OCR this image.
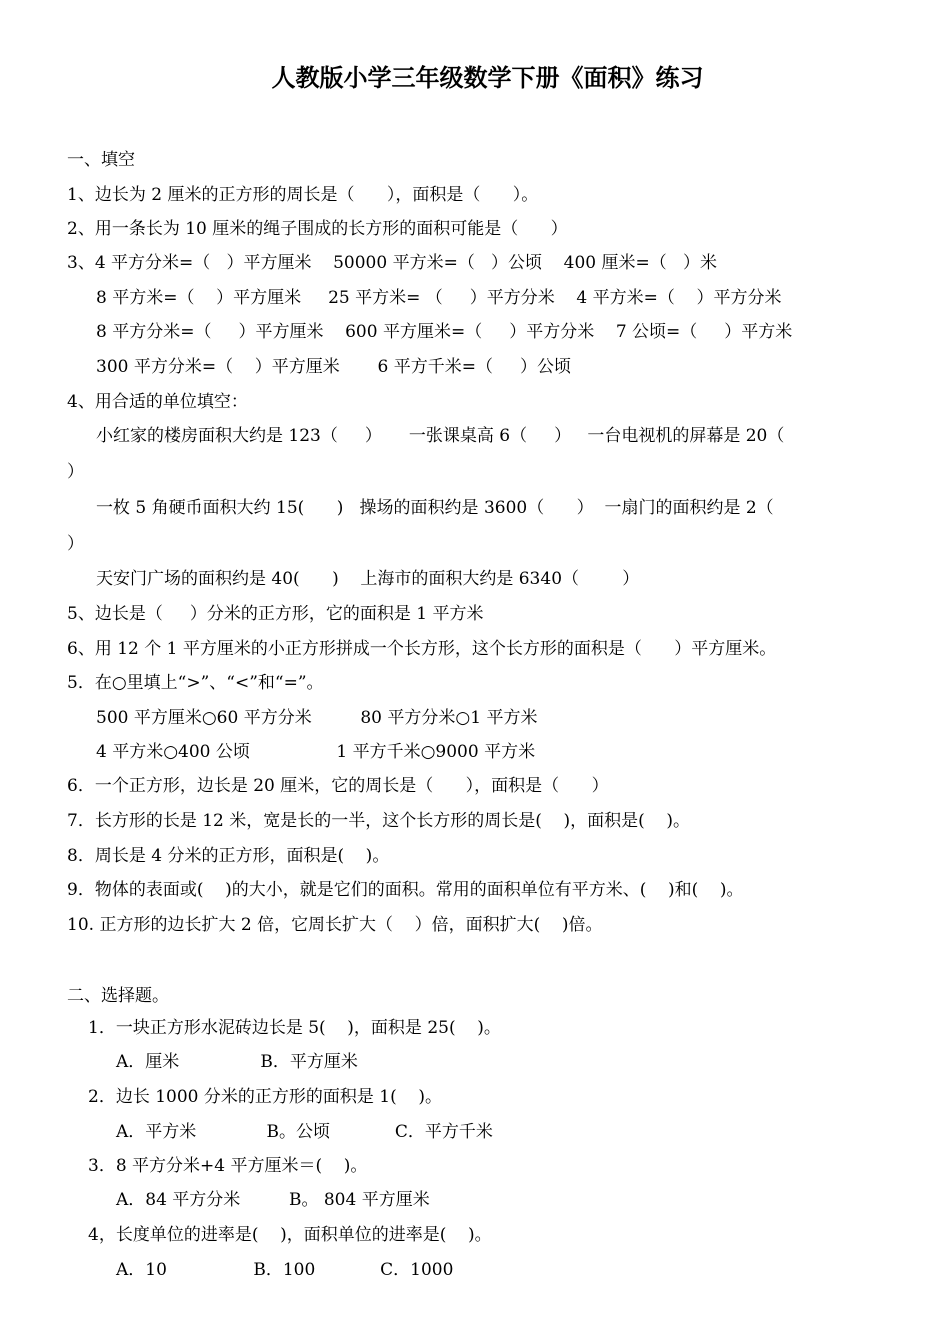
人教版小学三年级数学下册《面积》练习
一、填空
1、边长为 2 厘米的正方形的周长是（      ），面积是（      ）。
2、用一条长为 10 厘米的绳子围成的长方形的面积可能是（      ）
3、4 平方分米=（   ）平方厘米    50000 平方米=（   ）公顷    400 厘米=（   ）米
8 平方米=（    ）平方厘米     25 平方米= （     ）平方分米    4 平方米=（    ）平方分米
8 平方分米=（     ）平方厘米    600 平方厘米=（     ）平方分米    7 公顷=（     ）平方米
300 平方分米=（    ）平方厘米       6 平方千米=（     ）公顷
4、用合适的单位填空：
小红家的楼房面积大约是 123（     ）     一张课桌高 6（     ）   一台电视机的屏幕是 20（
）
一枚 5 角硬币面积大约 15(      )   操场的面积约是 3600（      ）  一扇门的面积约是 2（
）
天安门广场的面积约是 40(      )    上海市的面积大约是 6340（        ）
5、边长是（     ）分米的正方形，它的面积是 1 平方米
6、用 12 个 1 平方厘米的小正方形拼成一个长方形，这个长方形的面积是（      ）平方厘米。
5．在○里填上“>”、“<”和“=”。
500 平方厘米○60 平方分米         80 平方分米○1 平方米
4 平方米○400 公顷                1 平方千米○9000 平方米
6．一个正方形，边长是 20 厘米，它的周长是（      ），面积是（      ）
7．长方形的长是 12 米，宽是长的一半，这个长方形的周长是(    )，面积是(    )。
8．周长是 4 分米的正方形，面积是(    )。
9．物体的表面或(    )的大小，就是它们的面积。常用的面积单位有平方米、(    )和(    )。
10. 正方形的边长扩大 2 倍，它周长扩大（    ）倍，面积扩大(    )倍。
二、选择题。
1．一块正方形水泥砖边长是 5(    )，面积是 25(    )。
A．厘米               B．平方厘米
2．边长 1000 分米的正方形的面积是 1(    )。
A．平方米             B。公顷            C．平方千米
3．8 平方分米+4 平方厘米＝(    )。
A．84 平方分米         B。 804 平方厘米
4，长度单位的进率是(    )，面积单位的进率是(    )。
A．10                B．100            C．1000
